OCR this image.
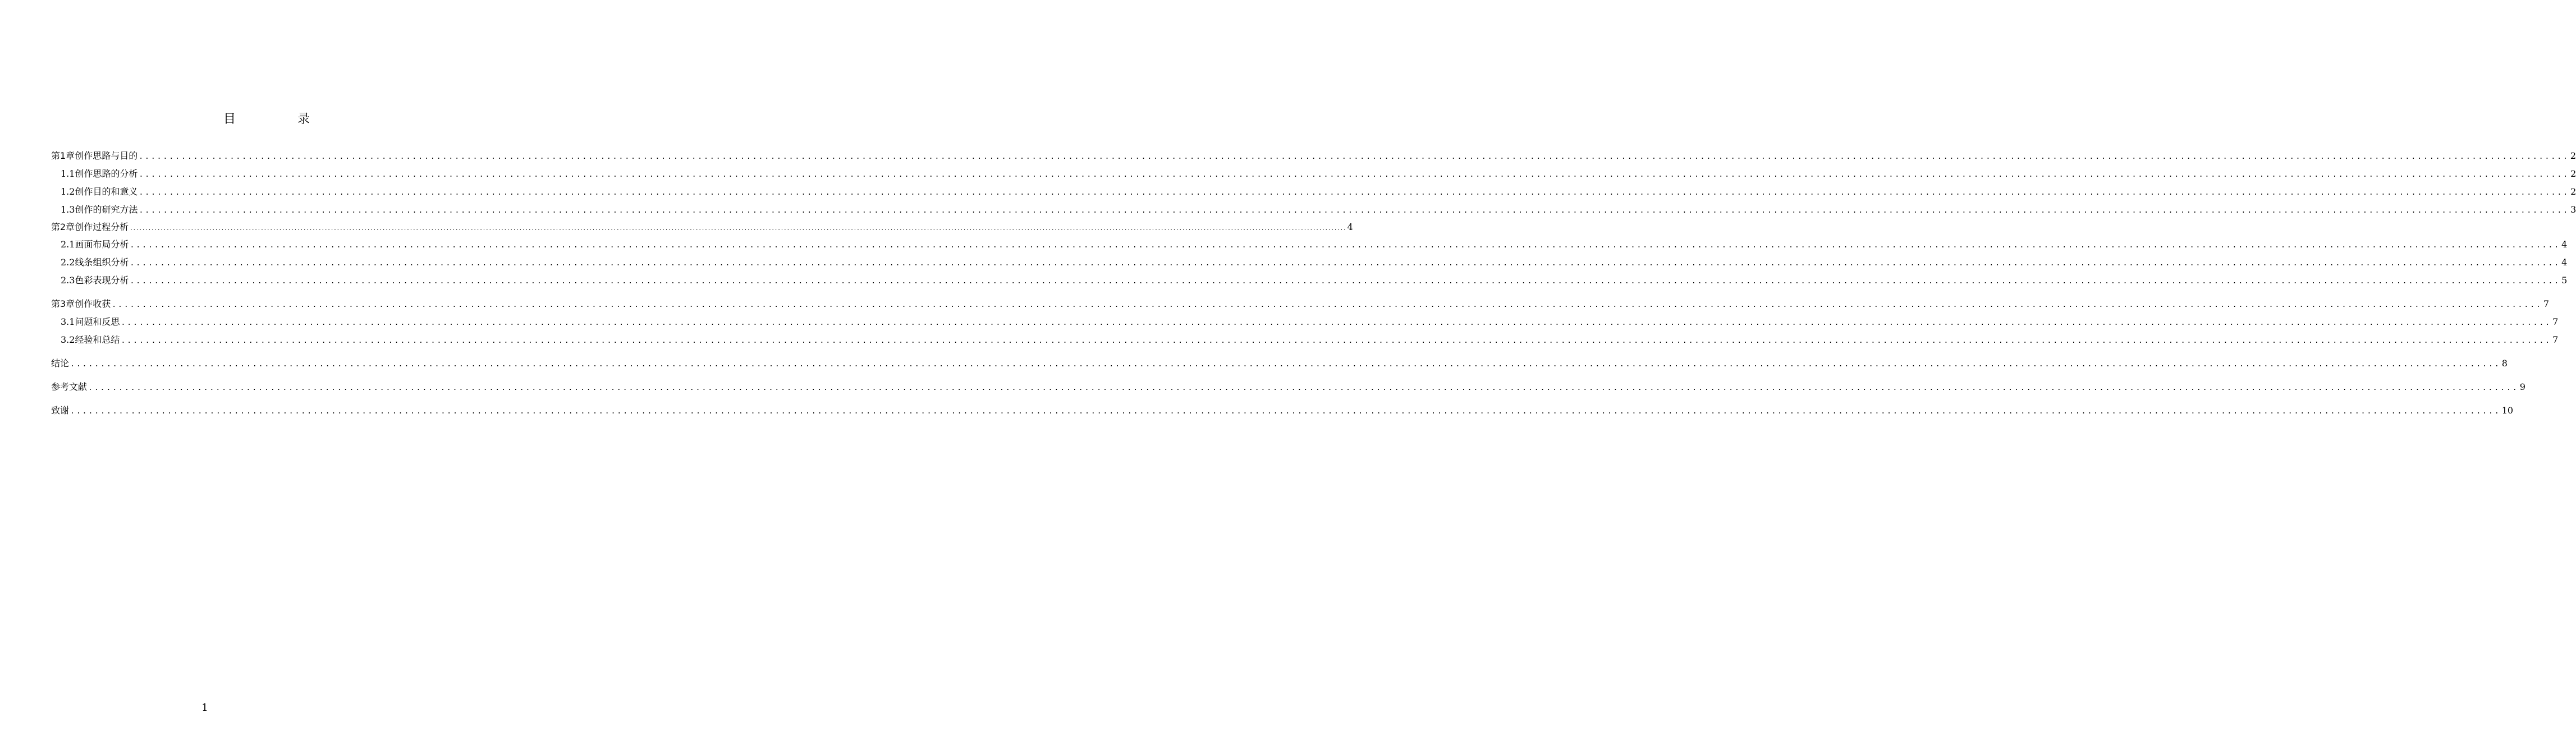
目　录
第1章 创作思路与目的 ................................................................................................................................................................................................................................................................................................................................................................................................................ 2
1.1 创作思路的分析 ................................................................................................................................................................................................................................................................................................................................................................................................................ 2
1.2 创作目的和意义 ................................................................................................................................................................................................................................................................................................................................................................................................................ 2
1.3 创作的研究方法 ................................................................................................................................................................................................................................................................................................................................................................................................................ 3
第2章 创作过程分析 ................................................................................................................................................................................................................................................................................................................................................................................................................ 4
2.1 画面布局分析 ................................................................................................................................................................................................................................................................................................................................................................................................................ 4
2.2 线条组织分析 ................................................................................................................................................................................................................................................................................................................................................................................................................ 4
2.3 色彩表现分析 ................................................................................................................................................................................................................................................................................................................................................................................................................ 5
第3章 创作收获 ................................................................................................................................................................................................................................................................................................................................................................................................................ 7
3.1 问题和反思 ................................................................................................................................................................................................................................................................................................................................................................................................................ 7
3.2 经验和总结 ................................................................................................................................................................................................................................................................................................................................................................................................................ 7
结论 ................................................................................................................................................................................................................................................................................................................................................................................................................ 8
参考文献 ................................................................................................................................................................................................................................................................................................................................................................................................................ 9
致谢 ................................................................................................................................................................................................................................................................................................................................................................................................................ 10
1
